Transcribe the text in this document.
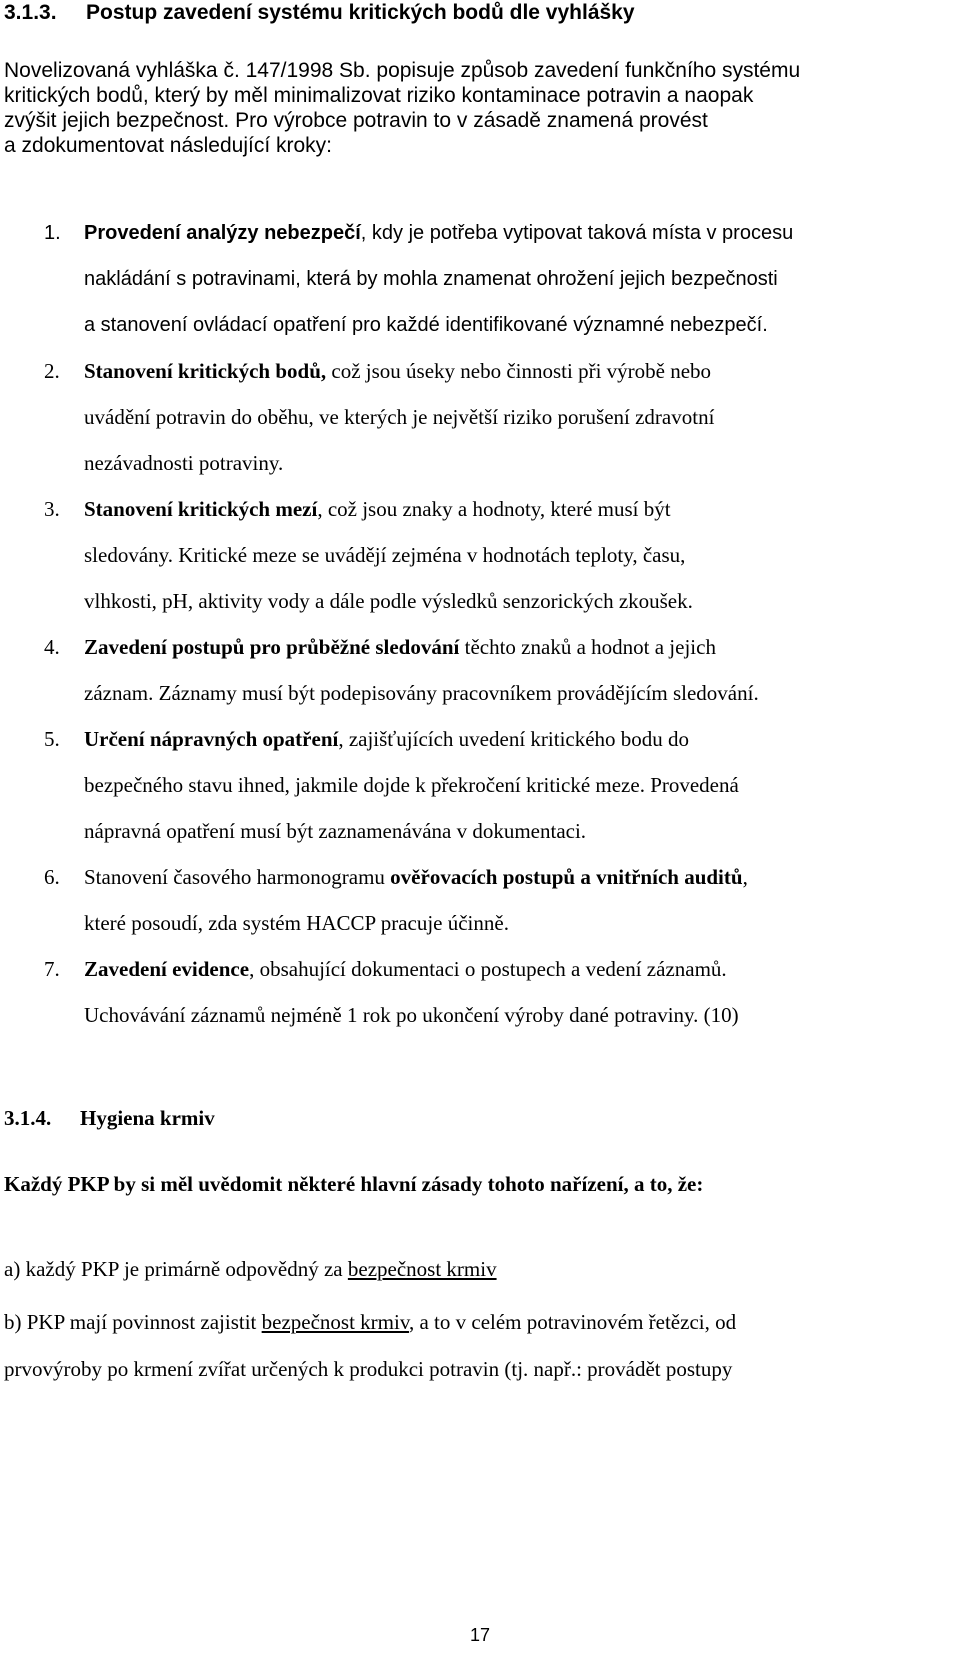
3.1.3. Postup zavedení systému kritických bodů dle vyhlášky

Novelizovaná vyhláška č. 147/1998 Sb. popisuje způsob zavedení funkčního systému
kritických bodů, který by měl minimalizovat riziko kontaminace potravin a naopak
zvýšit jejich bezpečnost. Pro výrobce potravin to v zásadě znamená provést
a zdokumentovat následující kroky:

1. Provedení analýzy nebezpečí, kdy je potřeba vytipovat taková místa v procesu
nakládání s potravinami, která by mohla znamenat ohrožení jejich bezpečnosti
a stanovení ovládací opatření pro každé identifikované významné nebezpečí.
2. Stanovení kritických bodů, což jsou úseky nebo činnosti při výrobě nebo
uvádění potravin do oběhu, ve kterých je největší riziko porušení zdravotní
nezávadnosti potraviny.
3. Stanovení kritických mezí, což jsou znaky a hodnoty, které musí být
sledovány. Kritické meze se uvádějí zejména v hodnotách teploty, času,
vlhkosti, pH, aktivity vody a dále podle výsledků senzorických zkoušek.
4. Zavedení postupů pro průběžné sledování těchto znaků a hodnot a jejich
záznam. Záznamy musí být podepisovány pracovníkem provádějícím sledování.
5. Určení nápravných opatření, zajišťujících uvedení kritického bodu do
bezpečného stavu ihned, jakmile dojde k překročení kritické meze. Provedená
nápravná opatření musí být zaznamenávána v dokumentaci.
6. Stanovení časového harmonogramu ověřovacích postupů a vnitřních auditů,
které posoudí, zda systém HACCP pracuje účinně.
7. Zavedení evidence, obsahující dokumentaci o postupech a vedení záznamů.
Uchovávání záznamů nejméně 1 rok po ukončení výroby dané potraviny. (10)
3.1.4. Hygiena krmiv

Každý PKP by si měl uvědomit některé hlavní zásady tohoto nařízení, a to, že:

a) každý PKP je primárně odpovědný za bezpečnost krmiv

b) PKP mají povinnost zajistit bezpečnost krmiv, a to v celém potravinovém řetězci, od
prvovýroby po krmení zvířat určených k produkci potravin (tj. např.: provádět postupy

17
